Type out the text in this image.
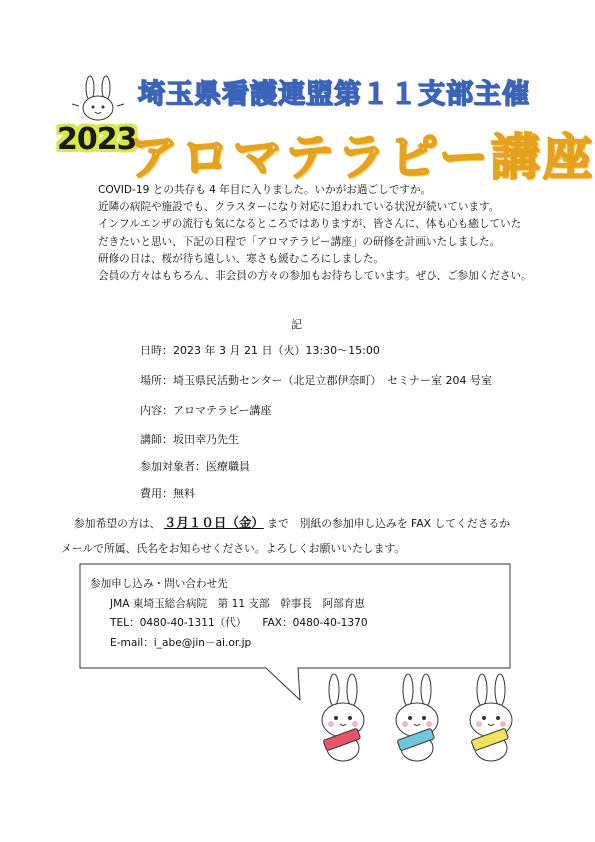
埼玉県看護連盟第１１支部主催
2023
アロマテラピー講座
COVID-19 との共存も 4 年目に入りました。いかがお過ごしですか。
近隣の病院や施設でも、クラスターになり対応に追われている状況が続いています。
インフルエンザの流行も気になるところではありますが、皆さんに、体も心も癒していた
だきたいと思い、下記の日程で「アロマテラピー講座」の研修を計画いたしました。
研修の日は、桜が待ち遠しい、寒さも緩むころにしました。
会員の方々はもちろん、非会員の方々の参加もお待ちしています。ぜひ、ご参加ください。
記
日時：2023 年 3 月 21 日（火）13:30～15:00
場所：埼玉県民活動センター（北足立郡伊奈町）　セミナー室 204 号室
内容：アロマテラピー講座
講師：坂田幸乃先生
参加対象者：医療職員
費用：無料
参加希望の方は、 ３月１０日（金） まで　別紙の参加申し込みを FAX してくださるか
メールで所属、氏名をお知らせください。よろしくお願いいたします。
参加申し込み・問い合わせ先
JMA 東埼玉総合病院　第 11 支部　幹事長　阿部育恵
TEL：0480-40-1311（代）　　FAX：0480-40-1370
E-mail：i_abe@jin－ai.or.jp
